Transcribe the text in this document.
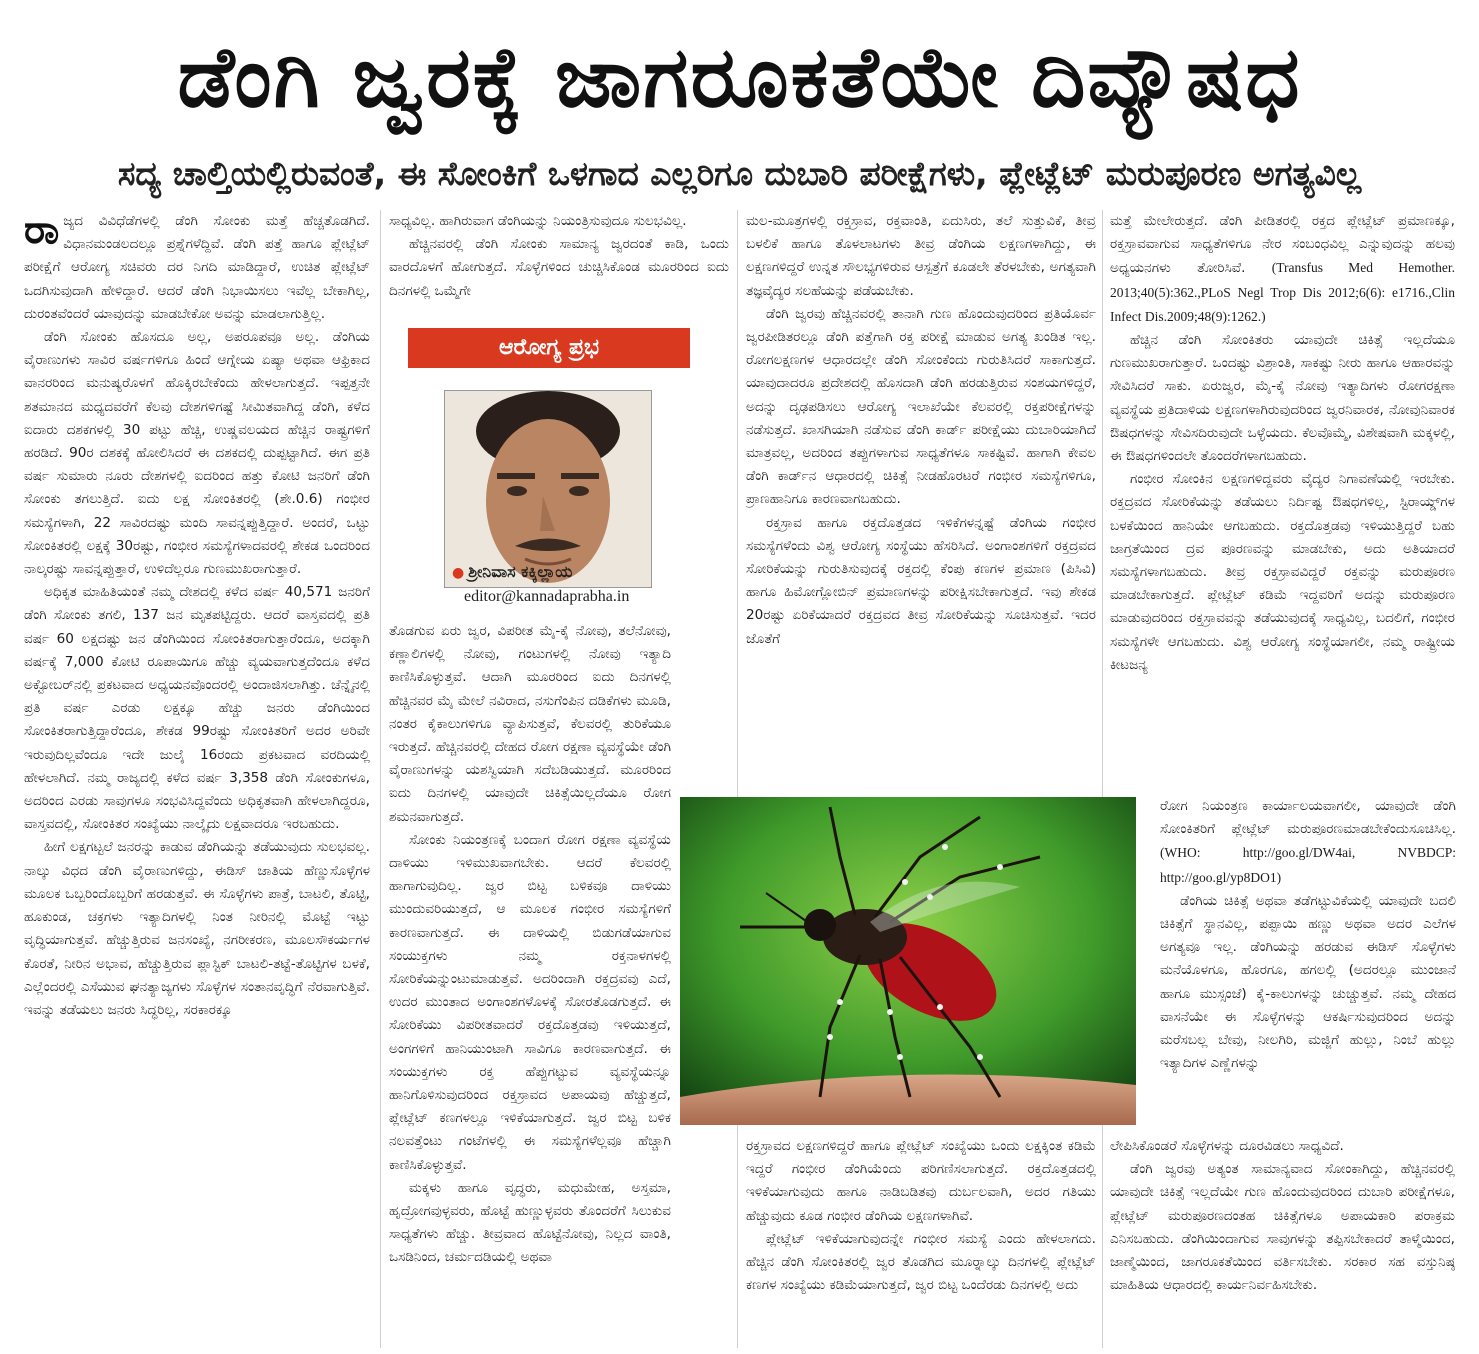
ಡೆಂಗಿ ಜ್ವರಕ್ಕೆ ಜಾಗರೂಕತೆಯೇ ದಿವ್ಯೌಷಧ
ಸದ್ಯ ಚಾಲ್ತಿಯಲ್ಲಿರುವಂತೆ, ಈ ಸೋಂಕಿಗೆ ಒಳಗಾದ ಎಲ್ಲರಿಗೂ ದುಬಾರಿ ಪರೀಕ್ಷೆಗಳು, ಪ್ಲೇಟ್ಲೆಟ್ ಮರುಪೂರಣ ಅಗತ್ಯವಿಲ್ಲ

ರಾಜ್ಯದ ವಿವಿಧೆಡೆಗಳಲ್ಲಿ ಡೆಂಗಿ ಸೋಂಕು ಮತ್ತೆ ಹೆಚ್ಚತೊಡಗಿದೆ. ವಿಧಾನಮಂಡಲದಲ್ಲೂ ಪ್ರಶ್ನೆಗಳೆದ್ದಿವೆ. ಡೆಂಗಿ ಪತ್ತೆ ಹಾಗೂ ಪ್ಲೇಟ್ಲೆಟ್ ಪರೀಕ್ಷೆಗೆ ಆರೋಗ್ಯ ಸಚಿವರು ದರ ನಿಗದಿ ಮಾಡಿದ್ದಾರೆ, ಉಚಿತ ಪ್ಲೇಟ್ಲೆಟ್ ಒದಗಿಸುವುದಾಗಿ ಹೇಳಿದ್ದಾರೆ. ಆದರೆ ಡೆಂಗಿ ನಿಭಾಯಿಸಲು ಇವೆಲ್ಲ ಬೇಕಾಗಿಲ್ಲ, ದುರಂತವೆಂದರೆ ಯಾವುದನ್ನು ಮಾಡಬೇಕೋ ಅವನ್ನು ಮಾಡಲಾಗುತ್ತಿಲ್ಲ.

ಡೆಂಗಿ ಸೋಂಕು ಹೊಸದೂ ಅಲ್ಲ, ಅಪರೂಪವೂ ಅಲ್ಲ. ಡೆಂಗಿಯ ವೈರಾಣುಗಳು ಸಾವಿರ ವರ್ಷಗಳಿಗೂ ಹಿಂದೆ ಆಗ್ನೇಯ ಏಷ್ಯಾ ಅಥವಾ ಆಫ್ರಿಕಾದ ವಾನರರಿಂದ ಮನುಷ್ಯರೊಳಗೆ ಹೊಕ್ಕಿರಬೇಕೆಂದು ಹೇಳಲಾಗುತ್ತದೆ. ಇಪ್ಪತ್ತನೇ ಶತಮಾನದ ಮಧ್ಯದವರೆಗೆ ಕೆಲವು ದೇಶಗಳಿಗಷ್ಟೆ ಸೀಮಿತವಾಗಿದ್ದ ಡೆಂಗಿ, ಕಳೆದ ಐದಾರು ದಶಕಗಳಲ್ಲಿ 30 ಪಟ್ಟು ಹೆಚ್ಚಿ, ಉಷ್ಣವಲಯದ ಹೆಚ್ಚಿನ ರಾಷ್ಟ್ರಗಳಿಗೆ ಹರಡಿದೆ. 90ರ ದಶಕಕ್ಕೆ ಹೋಲಿಸಿದರೆ ಈ ದಶಕದಲ್ಲಿ ದುಪ್ಪಟ್ಟಾಗಿದೆ. ಈಗ ಪ್ರತಿ ವರ್ಷ ಸುಮಾರು ನೂರು ದೇಶಗಳಲ್ಲಿ ಐದರಿಂದ ಹತ್ತು ಕೋಟಿ ಜನರಿಗೆ ಡೆಂಗಿ ಸೋಂಕು ತಗಲುತ್ತಿದೆ. ಐದು ಲಕ್ಷ ಸೋಂಕಿತರಲ್ಲಿ (ಶೇ.0.6) ಗಂಭೀರ ಸಮಸ್ಯೆಗಳಾಗಿ, 22 ಸಾವಿರದಷ್ಟು ಮಂದಿ ಸಾವನ್ನಪ್ಪುತ್ತಿದ್ದಾರೆ. ಅಂದರೆ, ಒಟ್ಟು ಸೋಂಕಿತರಲ್ಲಿ ಲಕ್ಷಕ್ಕೆ 30ರಷ್ಟು, ಗಂಭೀರ ಸಮಸ್ಯೆಗಳಾದವರಲ್ಲಿ ಶೇಕಡ ಒಂದರಿಂದ ನಾಲ್ಕರಷ್ಟು ಸಾವನ್ನಪ್ಪುತ್ತಾರೆ, ಉಳಿದೆಲ್ಲರೂ ಗುಣಮುಖರಾಗುತ್ತಾರೆ.

ಅಧಿಕೃತ ಮಾಹಿತಿಯಂತೆ ನಮ್ಮ ದೇಶದಲ್ಲಿ ಕಳೆದ ವರ್ಷ 40,571 ಜನರಿಗೆ ಡೆಂಗಿ ಸೋಂಕು ತಗಲಿ, 137 ಜನ ಮೃತಪಟ್ಟಿದ್ದರು. ಆದರೆ ವಾಸ್ತವದಲ್ಲಿ ಪ್ರತಿ ವರ್ಷ 60 ಲಕ್ಷದಷ್ಟು ಜನ ಡೆಂಗಿಯಿಂದ ಸೋಂಕಿತರಾಗುತ್ತಾರೆಂದೂ, ಅದಕ್ಕಾಗಿ ವರ್ಷಕ್ಕೆ 7,000 ಕೋಟಿ ರೂಪಾಯಿಗೂ ಹೆಚ್ಚು ವ್ಯಯವಾಗುತ್ತದೆಂದೂ ಕಳೆದ ಅಕ್ಟೋಬರ್‌ನಲ್ಲಿ ಪ್ರಕಟವಾದ ಅಧ್ಯಯನವೊಂದರಲ್ಲಿ ಅಂದಾಜಿಸಲಾಗಿತ್ತು. ಚೆನ್ನೈನಲ್ಲಿ ಪ್ರತಿ ವರ್ಷ ಎರಡು ಲಕ್ಷಕ್ಕೂ ಹೆಚ್ಚು ಜನರು ಡೆಂಗಿಯಿಂದ ಸೋಂಕಿತರಾಗುತ್ತಿದ್ದಾರೆಂದೂ, ಶೇಕಡ 99ರಷ್ಟು ಸೋಂಕಿತರಿಗೆ ಅದರ ಅರಿವೇ ಇರುವುದಿಲ್ಲವೆಂದೂ ಇದೇ ಜುಲೈ 16ರಂದು ಪ್ರಕಟವಾದ ವರದಿಯಲ್ಲಿ ಹೇಳಲಾಗಿದೆ. ನಮ್ಮ ರಾಜ್ಯದಲ್ಲಿ ಕಳೆದ ವರ್ಷ 3,358 ಡೆಂಗಿ ಸೋಂಕುಗಳೂ, ಅದರಿಂದ ಎರಡು ಸಾವುಗಳೂ ಸಂಭವಿಸಿದ್ದವೆಂದು ಅಧಿಕೃತವಾಗಿ ಹೇಳಲಾಗಿದ್ದರೂ, ವಾಸ್ತವದಲ್ಲಿ, ಸೋಂಕಿತರ ಸಂಖ್ಯೆಯು ನಾಲ್ಕೈದು ಲಕ್ಷವಾದರೂ ಇರಬಹುದು.

ಹೀಗೆ ಲಕ್ಷಗಟ್ಟಲೆ ಜನರನ್ನು ಕಾಡುವ ಡೆಂಗಿಯನ್ನು ತಡೆಯುವುದು ಸುಲಭವಲ್ಲ. ನಾಲ್ಕು ವಿಧದ ಡೆಂಗಿ ವೈರಾಣುಗಳಿದ್ದು, ಈಡಿಸ್ ಜಾತಿಯ ಹೆಣ್ಣುಸೊಳ್ಳೆಗಳ ಮೂಲಕ ಒಬ್ಬರಿಂದೊಬ್ಬರಿಗೆ ಹರಡುತ್ತವೆ. ಈ ಸೊಳ್ಳೆಗಳು ಪಾತ್ರೆ, ಬಾಟಲಿ, ತೊಟ್ಟಿ, ಹೂಕುಂಡ, ಚಕ್ರಗಳು ಇತ್ಯಾದಿಗಳಲ್ಲಿ ನಿಂತ ನೀರಿನಲ್ಲಿ ಮೊಟ್ಟೆ ಇಟ್ಟು ವೃದ್ಧಿಯಾಗುತ್ತವೆ. ಹೆಚ್ಚುತ್ತಿರುವ ಜನಸಂಖ್ಯೆ, ನಗರೀಕರಣ, ಮೂಲಸೌಕರ್ಯಗಳ ಕೊರತೆ, ನೀರಿನ ಅಭಾವ, ಹೆಚ್ಚುತ್ತಿರುವ ಪ್ಲಾಸ್ಟಿಕ್ ಬಾಟಲಿ-ತಟ್ಟೆ-ತೊಟ್ಟಿಗಳ ಬಳಕೆ, ಎಲ್ಲೆಂದರಲ್ಲಿ ಎಸೆಯುವ ಘನತ್ಯಾಜ್ಯಗಳು ಸೊಳ್ಳೆಗಳ ಸಂತಾನವೃದ್ಧಿಗೆ ನೆರವಾಗುತ್ತಿವೆ. ಇವನ್ನು ತಡೆಯಲು ಜನರು ಸಿದ್ಧರಿಲ್ಲ, ಸರಕಾರಕ್ಕೂ

ಸಾಧ್ಯವಿಲ್ಲ. ಹಾಗಿರುವಾಗ ಡೆಂಗಿಯನ್ನು ನಿಯಂತ್ರಿಸುವುದೂ ಸುಲಭವಿಲ್ಲ.

ಹೆಚ್ಚಿನವರಲ್ಲಿ ಡೆಂಗಿ ಸೋಂಕು ಸಾಮಾನ್ಯ ಜ್ವರದಂತೆ ಕಾಡಿ, ಒಂದು ವಾರದೊಳಗೆ ಹೋಗುತ್ತದೆ. ಸೊಳ್ಳೆಗಳಿಂದ ಚುಚ್ಚಿಸಿಕೊಂಡ ಮೂರರಿಂದ ಐದು ದಿನಗಳಲ್ಲಿ ಒಮ್ಮೆಗೇ

ಆರೋಗ್ಯ ಪ್ರಭ
● ಶ್ರೀನಿವಾಸ ಕಕ್ಕಿಲ್ಲಾಯ
editor@kannadaprabha.in

ತೊಡಗುವ ಏರು ಜ್ವರ, ವಿಪರೀತ ಮೈ-ಕೈ ನೋವು, ತಲೆನೋವು, ಕಣ್ಣಾಲಿಗಳಲ್ಲಿ ನೋವು, ಗಂಟುಗಳಲ್ಲಿ ನೋವು ಇತ್ಯಾದಿ ಕಾಣಿಸಿಕೊಳ್ಳುತ್ತವೆ. ಆದಾಗಿ ಮೂರರಿಂದ ಐದು ದಿನಗಳಲ್ಲಿ ಹೆಚ್ಚಿನವರ ಮೈ ಮೇಲೆ ನವಿರಾದ, ನಸುಗೆಂಪಿನ ದಡಿಕೆಗಳು ಮೂಡಿ, ನಂತರ ಕೈಕಾಲುಗಳಿಗೂ ವ್ಯಾಪಿಸುತ್ತವೆ, ಕೆಲವರಲ್ಲಿ ತುರಿಕೆಯೂ ಇರುತ್ತದೆ. ಹೆಚ್ಚಿನವರಲ್ಲಿ ದೇಹದ ರೋಗ ರಕ್ಷಣಾ ವ್ಯವಸ್ಥೆಯೇ ಡೆಂಗಿ ವೈರಾಣುಗಳನ್ನು ಯಶಸ್ವಿಯಾಗಿ ಸದೆಬಡಿಯುತ್ತದೆ. ಮೂರರಿಂದ ಐದು ದಿನಗಳಲ್ಲಿ ಯಾವುದೇ ಚಿಕಿತ್ಸೆಯಿಲ್ಲದೆಯೂ ರೋಗ ಶಮನವಾಗುತ್ತದೆ.

ಸೋಂಕು ನಿಯಂತ್ರಣಕ್ಕೆ ಬಂದಾಗ ರೋಗ ರಕ್ಷಣಾ ವ್ಯವಸ್ಥೆಯ ದಾಳಿಯು ಇಳಿಮುಖವಾಗಬೇಕು. ಆದರೆ ಕೆಲವರಲ್ಲಿ ಹಾಗಾಗುವುದಿಲ್ಲ. ಜ್ವರ ಬಿಟ್ಟ ಬಳಿಕವೂ ದಾಳಿಯು ಮುಂದುವರಿಯುತ್ತದೆ, ಆ ಮೂಲಕ ಗಂಭೀರ ಸಮಸ್ಯೆಗಳಿಗೆ ಕಾರಣವಾಗುತ್ತದೆ. ಈ ದಾಳಿಯಲ್ಲಿ ಬಿಡುಗಡೆಯಾಗುವ ಸಂಯುಕ್ತಗಳು ನಮ್ಮ ರಕ್ತನಾಳಗಳಲ್ಲಿ ಸೋರಿಕೆಯನ್ನುಂಟುಮಾಡುತ್ತವೆ. ಅದರಿಂದಾಗಿ ರಕ್ತದ್ರವವು ಎದೆ, ಉದರ ಮುಂತಾದ ಅಂಗಾಂಶಗಳೊಳಕ್ಕೆ ಸೋರತೊಡಗುತ್ತದೆ. ಈ ಸೋರಿಕೆಯು ವಿಪರೀತವಾದರೆ ರಕ್ತದೊತ್ತಡವು ಇಳಿಯುತ್ತದೆ, ಅಂಗಗಳಿಗೆ ಹಾನಿಯುಂಟಾಗಿ ಸಾವಿಗೂ ಕಾರಣವಾಗುತ್ತದೆ. ಈ ಸಂಯುಕ್ತಗಳು ರಕ್ತ ಹೆಪ್ಪುಗಟ್ಟುವ ವ್ಯವಸ್ಥೆಯನ್ನೂ ಹಾನಿಗೊಳಿಸುವುದರಿಂದ ರಕ್ತಸ್ರಾವದ ಅಪಾಯವು ಹೆಚ್ಚುತ್ತದೆ, ಪ್ಲೇಟ್ಲೆಟ್ ಕಣಗಳಲ್ಲೂ ಇಳಿಕೆಯಾಗುತ್ತದೆ. ಜ್ವರ ಬಿಟ್ಟ ಬಳಿಕ ನಲವತ್ತೆಂಟು ಗಂಟೆಗಳಲ್ಲಿ ಈ ಸಮಸ್ಯೆಗಳೆಲ್ಲವೂ ಹೆಚ್ಚಾಗಿ ಕಾಣಿಸಿಕೊಳ್ಳುತ್ತವೆ.

ಮಕ್ಕಳು ಹಾಗೂ ವೃದ್ಧರು, ಮಧುಮೇಹ, ಅಸ್ತಮಾ, ಹೃದ್ರೋಗವುಳ್ಳವರು, ಹೊಟ್ಟೆ ಹುಣ್ಣುಳ್ಳವರು ತೊಂದರೆಗೆ ಸಿಲುಕುವ ಸಾಧ್ಯತೆಗಳು ಹೆಚ್ಚು. ತೀವ್ರವಾದ ಹೊಟ್ಟೆನೋವು, ನಿಲ್ಲದ ವಾಂತಿ, ಒಸಡಿನಿಂದ, ಚರ್ಮದಡಿಯಲ್ಲಿ ಅಥವಾ

ಮಲ-ಮೂತ್ರಗಳಲ್ಲಿ ರಕ್ತಸ್ರಾವ, ರಕ್ತವಾಂತಿ, ಏದುಸಿರು, ತಲೆ ಸುತ್ತುವಿಕೆ, ತೀವ್ರ ಬಳಲಿಕೆ ಹಾಗೂ ತೊಳಲಾಟಗಳು ತೀವ್ರ ಡೆಂಗಿಯ ಲಕ್ಷಣಗಳಾಗಿದ್ದು, ಈ ಲಕ್ಷಣಗಳಿದ್ದರೆ ಉನ್ನತ ಸೌಲಭ್ಯಗಳಿರುವ ಆಸ್ಪತ್ರೆಗೆ ಕೂಡಲೇ ತೆರಳಬೇಕು, ಅಗತ್ಯವಾಗಿ ತಜ್ಞವೈದ್ಯರ ಸಲಹೆಯನ್ನು ಪಡೆಯಬೇಕು.

ಡೆಂಗಿ ಜ್ವರವು ಹೆಚ್ಚಿನವರಲ್ಲಿ ತಾನಾಗಿ ಗುಣ ಹೊಂದುವುದರಿಂದ ಪ್ರತಿಯೊರ್ವ ಜ್ವರಪೀಡಿತರಲ್ಲೂ ಡೆಂಗಿ ಪತ್ತೆಗಾಗಿ ರಕ್ತ ಪರೀಕ್ಷೆ ಮಾಡುವ ಅಗತ್ಯ ಖಂಡಿತ ಇಲ್ಲ. ರೋಗಲಕ್ಷಣಗಳ ಆಧಾರದಲ್ಲೇ ಡೆಂಗಿ ಸೋಂಕೆಂದು ಗುರುತಿಸಿದರೆ ಸಾಕಾಗುತ್ತದೆ. ಯಾವುದಾದರೂ ಪ್ರದೇಶದಲ್ಲಿ ಹೊಸದಾಗಿ ಡೆಂಗಿ ಹರಡುತ್ತಿರುವ ಸಂಶಯಗಳಿದ್ದರೆ, ಅದನ್ನು ದೃಢಪಡಿಸಲು ಆರೋಗ್ಯ ಇಲಾಖೆಯೇ ಕೆಲವರಲ್ಲಿ ರಕ್ತಪರೀಕ್ಷೆಗಳನ್ನು ನಡೆಸುತ್ತದೆ. ಖಾಸಗಿಯಾಗಿ ನಡೆಸುವ ಡೆಂಗಿ ಕಾರ್ಡ್ ಪರೀಕ್ಷೆಯು ದುಬಾರಿಯಾಗಿದೆ ಮಾತ್ರವಲ್ಲ, ಅದರಿಂದ ತಪ್ಪುಗಳಾಗುವ ಸಾಧ್ಯತೆಗಳೂ ಸಾಕಷ್ಟಿವೆ. ಹಾಗಾಗಿ ಕೇವಲ ಡೆಂಗಿ ಕಾರ್ಡ್‌ನ ಆಧಾರದಲ್ಲಿ ಚಿಕಿತ್ಸೆ ನೀಡಹೊರಟರೆ ಗಂಭೀರ ಸಮಸ್ಯೆಗಳಿಗೂ, ಪ್ರಾಣಹಾನಿಗೂ ಕಾರಣವಾಗಬಹುದು.

ರಕ್ತಸ್ರಾವ ಹಾಗೂ ರಕ್ತದೊತ್ತಡದ ಇಳಿಕೆಗಳನ್ನಷ್ಟೆ ಡೆಂಗಿಯ ಗಂಭೀರ ಸಮಸ್ಯೆಗಳೆಂದು ವಿಶ್ವ ಆರೋಗ್ಯ ಸಂಸ್ಥೆಯು ಹೆಸರಿಸಿದೆ. ಅಂಗಾಂಶಗಳಿಗೆ ರಕ್ತದ್ರವದ ಸೋರಿಕೆಯನ್ನು ಗುರುತಿಸುವುದಕ್ಕೆ ರಕ್ತದಲ್ಲಿ ಕೆಂಪು ಕಣಗಳ ಪ್ರಮಾಣ (ಪಿಸಿವಿ) ಹಾಗೂ ಹಿಮೋಗ್ಲೋಬಿನ್ ಪ್ರಮಾಣಗಳನ್ನು ಪರೀಕ್ಷಿಸಬೇಕಾಗುತ್ತದೆ. ಇವು ಶೇಕಡ 20ರಷ್ಟು ಏರಿಕೆಯಾದರೆ ರಕ್ತದ್ರವದ ತೀವ್ರ ಸೋರಿಕೆಯನ್ನು ಸೂಚಿಸುತ್ತವೆ. ಇದರ ಜೊತೆಗೆ

ರಕ್ತಸ್ರಾವದ ಲಕ್ಷಣಗಳಿದ್ದರೆ ಹಾಗೂ ಪ್ಲೇಟ್ಲೆಟ್ ಸಂಖ್ಯೆಯು ಒಂದು ಲಕ್ಷಕ್ಕಿಂತ ಕಡಿಮೆ ಇದ್ದರೆ ಗಂಭೀರ ಡೆಂಗಿಯೆಂದು ಪರಿಗಣಿಸಲಾಗುತ್ತದೆ. ರಕ್ತದೊತ್ತಡದಲ್ಲಿ ಇಳಿಕೆಯಾಗುವುದು ಹಾಗೂ ನಾಡಿಬಡಿತವು ದುರ್ಬಲವಾಗಿ, ಅದರ ಗತಿಯು ಹೆಚ್ಚುವುದು ಕೂಡ ಗಂಭೀರ ಡೆಂಗಿಯ ಲಕ್ಷಣಗಳಾಗಿವೆ.

ಪ್ಲೇಟ್ಲೆಟ್ ಇಳಿಕೆಯಾಗುವುದನ್ನೇ ಗಂಭೀರ ಸಮಸ್ಯೆ ಎಂದು ಹೇಳಲಾಗದು. ಹೆಚ್ಚಿನ ಡೆಂಗಿ ಸೋಂಕಿತರಲ್ಲಿ ಜ್ವರ ತೊಡಗಿದ ಮೂರ್‍ನಾಲ್ಕು ದಿನಗಳಲ್ಲಿ ಪ್ಲೇಟ್ಲೆಟ್ ಕಣಗಳ ಸಂಖ್ಯೆಯು ಕಡಿಮೆಯಾಗುತ್ತದೆ, ಜ್ವರ ಬಿಟ್ಟ ಒಂದೆರಡು ದಿನಗಳಲ್ಲಿ ಅದು

ಮತ್ತೆ ಮೇಲೇರುತ್ತದೆ. ಡೆಂಗಿ ಪೀಡಿತರಲ್ಲಿ ರಕ್ತದ ಪ್ಲೇಟ್ಲೆಟ್ ಪ್ರಮಾಣಕ್ಕೂ, ರಕ್ತಸ್ರಾವವಾಗುವ ಸಾಧ್ಯತೆಗಳಿಗೂ ನೇರ ಸಂಬಂಧವಿಲ್ಲ ಎನ್ನುವುದನ್ನು ಹಲವು ಅಧ್ಯಯನಗಳು ತೋರಿಸಿವೆ. (Transfus Med Hemother. 2013;40(5):362.,PLoS Negl Trop Dis 2012;6(6): e1716.,Clin Infect Dis.2009;48(9):1262.)

ಹೆಚ್ಚಿನ ಡೆಂಗಿ ಸೋಂಕಿತರು ಯಾವುದೇ ಚಿಕಿತ್ಸೆ ಇಲ್ಲದೆಯೂ ಗುಣಮುಖರಾಗುತ್ತಾರೆ. ಒಂದಷ್ಟು ವಿಶ್ರಾಂತಿ, ಸಾಕಷ್ಟು ನೀರು ಹಾಗೂ ಆಹಾರವನ್ನು ಸೇವಿಸಿದರೆ ಸಾಕು. ಏರುಜ್ವರ, ಮೈ-ಕೈ ನೋವು ಇತ್ಯಾದಿಗಳು ರೋಗರಕ್ಷಣಾ ವ್ಯವಸ್ಥೆಯ ಪ್ರತಿದಾಳಿಯ ಲಕ್ಷಣಗಳಾಗಿರುವುದರಿಂದ ಜ್ವರನಿವಾರಕ, ನೋವುನಿವಾರಕ ಔಷಧಗಳನ್ನು ಸೇವಿಸದಿರುವುದೇ ಒಳ್ಳೆಯದು. ಕೆಲವೊಮ್ಮೆ, ವಿಶೇಷವಾಗಿ ಮಕ್ಕಳಲ್ಲಿ, ಈ ಔಷಧಗಳಿಂದಲೇ ತೊಂದರೆಗಳಾಗಬಹುದು.

ಗಂಭೀರ ಸೋಂಕಿನ ಲಕ್ಷಣಗಳಿದ್ದವರು ವೈದ್ಯರ ನಿಗಾವಣೆಯಲ್ಲಿ ಇರಬೇಕು. ರಕ್ತದ್ರವದ ಸೋರಿಕೆಯನ್ನು ತಡೆಯಲು ನಿರ್ದಿಷ್ಟ ಔಷಧಗಳಿಲ್ಲ, ಸ್ಟಿರಾಯ್ಡ್‌ಗಳ ಬಳಕೆಯಿಂದ ಹಾನಿಯೇ ಆಗಬಹುದು. ರಕ್ತದೊತ್ತಡವು ಇಳಿಯುತ್ತಿದ್ದರೆ ಬಹು ಜಾಗ್ರತೆಯಿಂದ ದ್ರವ ಪೂರಣವನ್ನು ಮಾಡಬೇಕು, ಅದು ಅತಿಯಾದರೆ ಸಮಸ್ಯೆಗಳಾಗಬಹುದು. ತೀವ್ರ ರಕ್ತಸ್ರಾವವಿದ್ದರೆ ರಕ್ತವನ್ನು ಮರುಪೂರಣ ಮಾಡಬೇಕಾಗುತ್ತದೆ. ಪ್ಲೇಟ್ಲೆಟ್ ಕಡಿಮೆ ಇದ್ದವರಿಗೆ ಅದನ್ನು ಮರುಪೂರಣ ಮಾಡುವುದರಿಂದ ರಕ್ತಸ್ರಾವವನ್ನು ತಡೆಯುವುದಕ್ಕೆ ಸಾಧ್ಯವಿಲ್ಲ, ಬದಲಿಗೆ, ಗಂಭೀರ ಸಮಸ್ಯೆಗಳೇ ಆಗಬಹುದು. ವಿಶ್ವ ಆರೋಗ್ಯ ಸಂಸ್ಥೆಯಾಗಲೀ, ನಮ್ಮ ರಾಷ್ಟ್ರೀಯ ಕೀಟಜನ್ಯ

ರೋಗ ನಿಯಂತ್ರಣ ಕಾರ್ಯಾಲಯವಾಗಲೀ, ಯಾವುದೇ ಡೆಂಗಿ ಸೋಂಕಿತರಿಗೆ ಪ್ಲೇಟ್ಲೆಟ್ ಮರುಪೂರಣಮಾಡಬೇಕೆಂದುಸೂಚಿಸಿಲ್ಲ.(WHO: http://goo.gl/DW4ai, NVBDCP: http://goo.gl/yp8DO1)

ಡೆಂಗಿಯ ಚಿಕಿತ್ಸೆ ಅಥವಾ ತಡೆಗಟ್ಟುವಿಕೆಯಲ್ಲಿ ಯಾವುದೇ ಬದಲಿ ಚಿಕಿತ್ಸೆಗೆ ಸ್ಥಾನವಿಲ್ಲ, ಪಪ್ಪಾಯಿ ಹಣ್ಣು ಅಥವಾ ಅದರ ಎಲೆಗಳ ಅಗತ್ಯವೂ ಇಲ್ಲ. ಡೆಂಗಿಯನ್ನು ಹರಡುವ ಈಡಿಸ್ ಸೊಳ್ಳೆಗಳು ಮನೆಯೊಳಗೂ, ಹೊರಗೂ, ಹಗಲಲ್ಲಿ (ಅದರಲ್ಲೂ ಮುಂಜಾನೆ ಹಾಗೂ ಮುಸ್ಸಂಜೆ) ಕೈ-ಕಾಲುಗಳನ್ನು ಚುಚ್ಚುತ್ತವೆ. ನಮ್ಮ ದೇಹದ ವಾಸನೆಯೇ ಈ ಸೊಳ್ಳೆಗಳನ್ನು ಆಕರ್ಷಿಸುವುದರಿಂದ ಅದನ್ನು ಮರೆಸಬಲ್ಲ ಬೇವು, ನೀಲಗಿರಿ, ಮಜ್ಜಿಗೆ ಹುಲ್ಲು, ನಿಂಬೆ ಹುಲ್ಲು ಇತ್ಯಾದಿಗಳ ಎಣ್ಣೆಗಳನ್ನು

ಲೇಪಿಸಿಕೊಂಡರೆ ಸೊಳ್ಳೆಗಳನ್ನು ದೂರವಿಡಲು ಸಾಧ್ಯವಿದೆ.

ಡೆಂಗಿ ಜ್ವರವು ಅತ್ಯಂತ ಸಾಮಾನ್ಯವಾದ ಸೋಂಕಾಗಿದ್ದು, ಹೆಚ್ಚಿನವರಲ್ಲಿ ಯಾವುದೇ ಚಿಕಿತ್ಸೆ ಇಲ್ಲದೆಯೇ ಗುಣ ಹೊಂದುವುದರಿಂದ ದುಬಾರಿ ಪರೀಕ್ಷೆಗಳೂ, ಪ್ಲೇಟ್ಲೆಟ್ ಮರುಪೂರಣದಂತಹ ಚಿಕಿತ್ಸೆಗಳೂ ಅಪಾಯಕಾರಿ ಪರಾಕ್ರಮ ಎನಿಸಬಹುದು. ಡೆಂಗಿಯಿಂದಾಗುವ ಸಾವುಗಳನ್ನು ತಪ್ಪಿಸಬೇಕಾದರೆ ತಾಳ್ಮೆಯಿಂದ, ಜಾಣ್ಮೆಯಿಂದ, ಜಾಗರೂಕತೆಯಿಂದ ವರ್ತಿಸಬೇಕು. ಸರಕಾರ ಸಹ ವಸ್ತುನಿಷ್ಠ ಮಾಹಿತಿಯ ಆಧಾರದಲ್ಲಿ ಕಾರ್ಯನಿರ್ವಹಿಸಬೇಕು.
